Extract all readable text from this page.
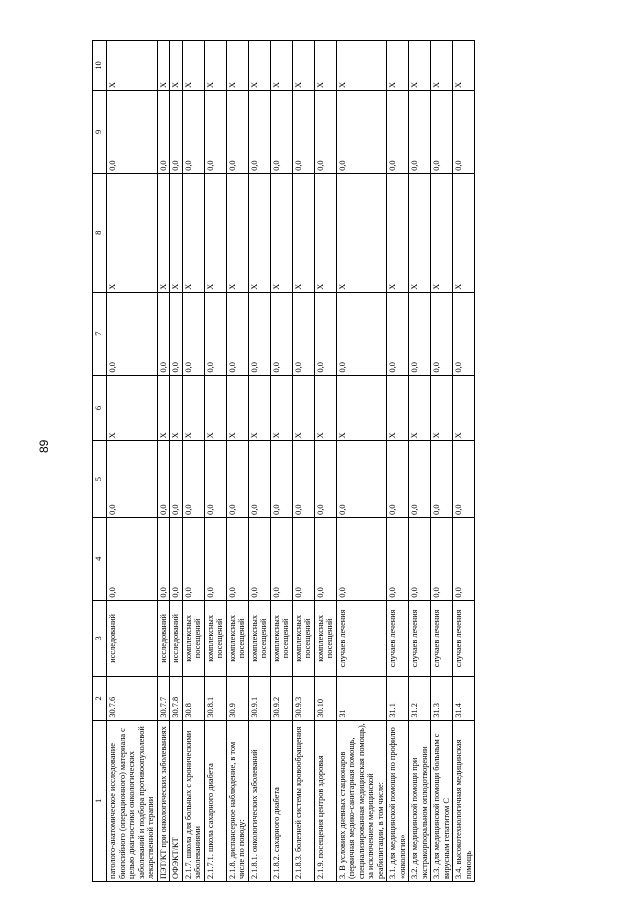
89
1	2	3	4	5	6	7	8	9	10
патолого-анатомическое исследование биопсийного (операционного) материала с целью диагностики онкологических заболеваний и подбора противоопухолевой лекарственной терапии	30.7.6	исследований	0,0	0,0	X	0,0	X	0,0	X
ПЭТ/КТ при онкологических заболеваниях	30.7.7	исследований	0,0	0,0	X	0,0	X	0,0	X
ОФЭКТ/КТ	30.7.8	исследований	0,0	0,0	X	0,0	X	0,0	X
2.1.7. школа для больных с хроническими заболеваниями	30.8	комплексных посещений	0,0	0,0	X	0,0	X	0,0	X
2.1.7.1. школа сахарного диабета	30.8.1	комплексных посещений	0,0	0,0	X	0,0	X	0,0	X
2.1.8. диспансерное наблюдение, в том числе по поводу:	30.9	комплексных посещений	0,0	0,0	X	0,0	X	0,0	X
2.1.8.1. онкологических заболеваний	30.9.1	комплексных посещений	0,0	0,0	X	0,0	X	0,0	X
2.1.8.2. сахарного диабета	30.9.2	комплексных посещений	0,0	0,0	X	0,0	X	0,0	X
2.1.8.3. болезней системы кровообращения	30.9.3	комплексных посещений	0,0	0,0	X	0,0	X	0,0	X
2.1.9. посещения центров здоровья	30.10	комплексных посещений	0,0	0,0	X	0,0	X	0,0	X
3. В условиях дневных стационаров (первичная медико-санитарная помощь, специализированная медицинская помощь), за исключением медицинской реабилитации, в том числе:	31	случаев лечения	0,0	0,0	X	0,0	X	0,0	X
3.1. для медицинской помощи по профилю «онкология»	31.1	случаев лечения	0,0	0,0	X	0,0	X	0,0	X
3.2. для медицинской помощи при экстракорпоральном оплодотворении	31.2	случаев лечения	0,0	0,0	X	0,0	X	0,0	X
3.3. для медицинской помощи больным с вирусным гепатитом С	31.3	случаев лечения	0,0	0,0	X	0,0	X	0,0	X
3.4. высокотехнологичная медицинская помощь	31.4	случаев лечения	0,0	0,0	X	0,0	X	0,0	X
